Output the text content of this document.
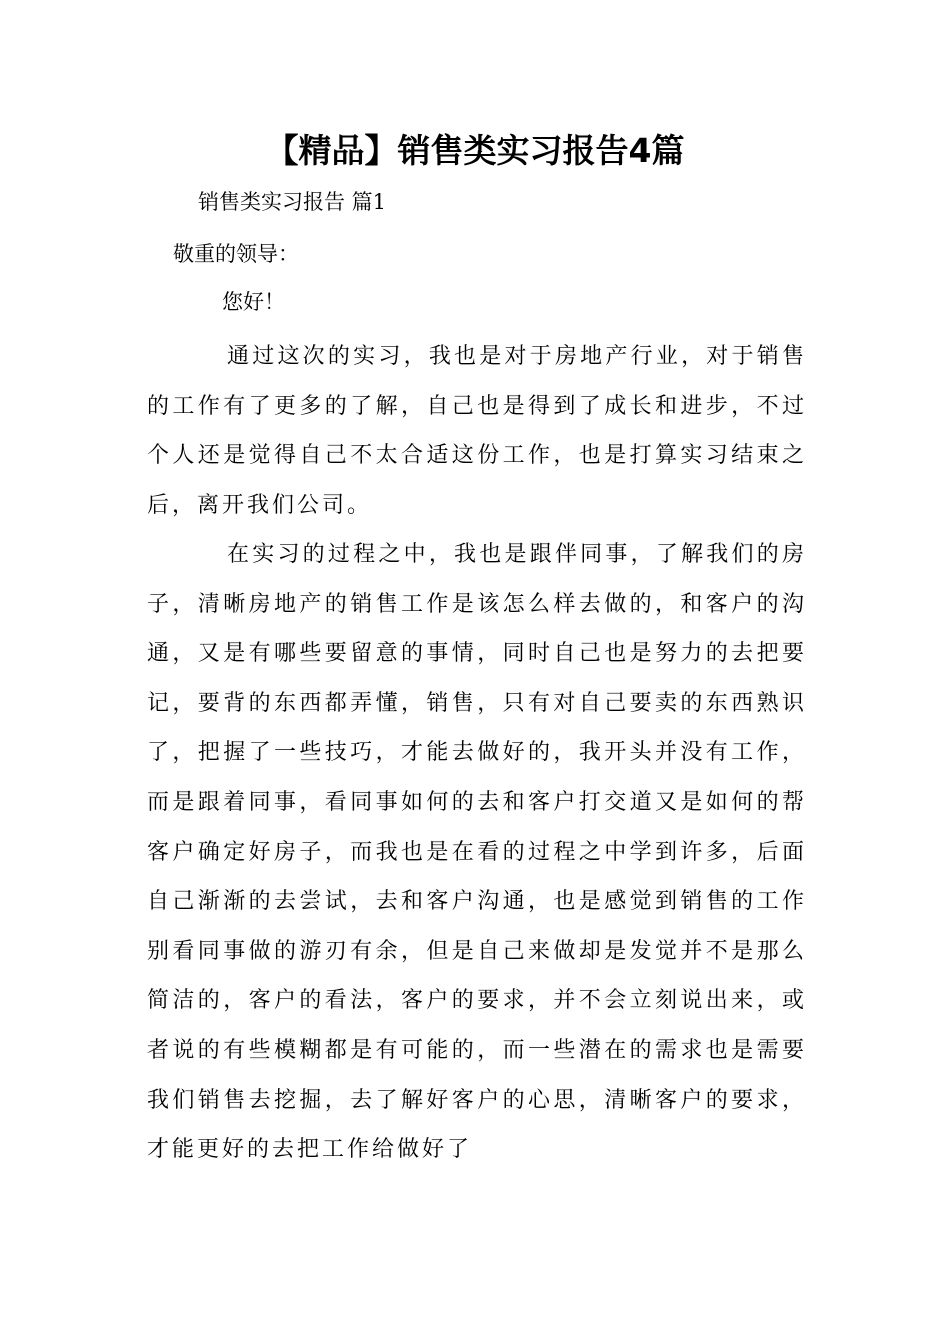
【精品】销售类实习报告4篇

销售类实习报告 篇1

敬重的领导：

您好！

通过这次的实习，我也是对于房地产行业，对于销售的工作有了更多的了解，自己也是得到了成长和进步，不过个人还是觉得自己不太合适这份工作，也是打算实习结束之后，离开我们公司。

在实习的过程之中，我也是跟伴同事，了解我们的房子，清晰房地产的销售工作是该怎么样去做的，和客户的沟通，又是有哪些要留意的事情，同时自己也是努力的去把要记，要背的东西都弄懂，销售，只有对自己要卖的东西熟识了，把握了一些技巧，才能去做好的，我开头并没有工作，而是跟着同事，看同事如何的去和客户打交道又是如何的帮客户确定好房子，而我也是在看的过程之中学到许多，后面自己渐渐的去尝试，去和客户沟通，也是感觉到销售的工作别看同事做的游刃有余，但是自己来做却是发觉并不是那么简洁的，客户的看法，客户的要求，并不会立刻说出来，或者说的有些模糊都是有可能的，而一些潜在的需求也是需要我们销售去挖掘，去了解好客户的心思，清晰客户的要求，才能更好的去把工作给做好了
